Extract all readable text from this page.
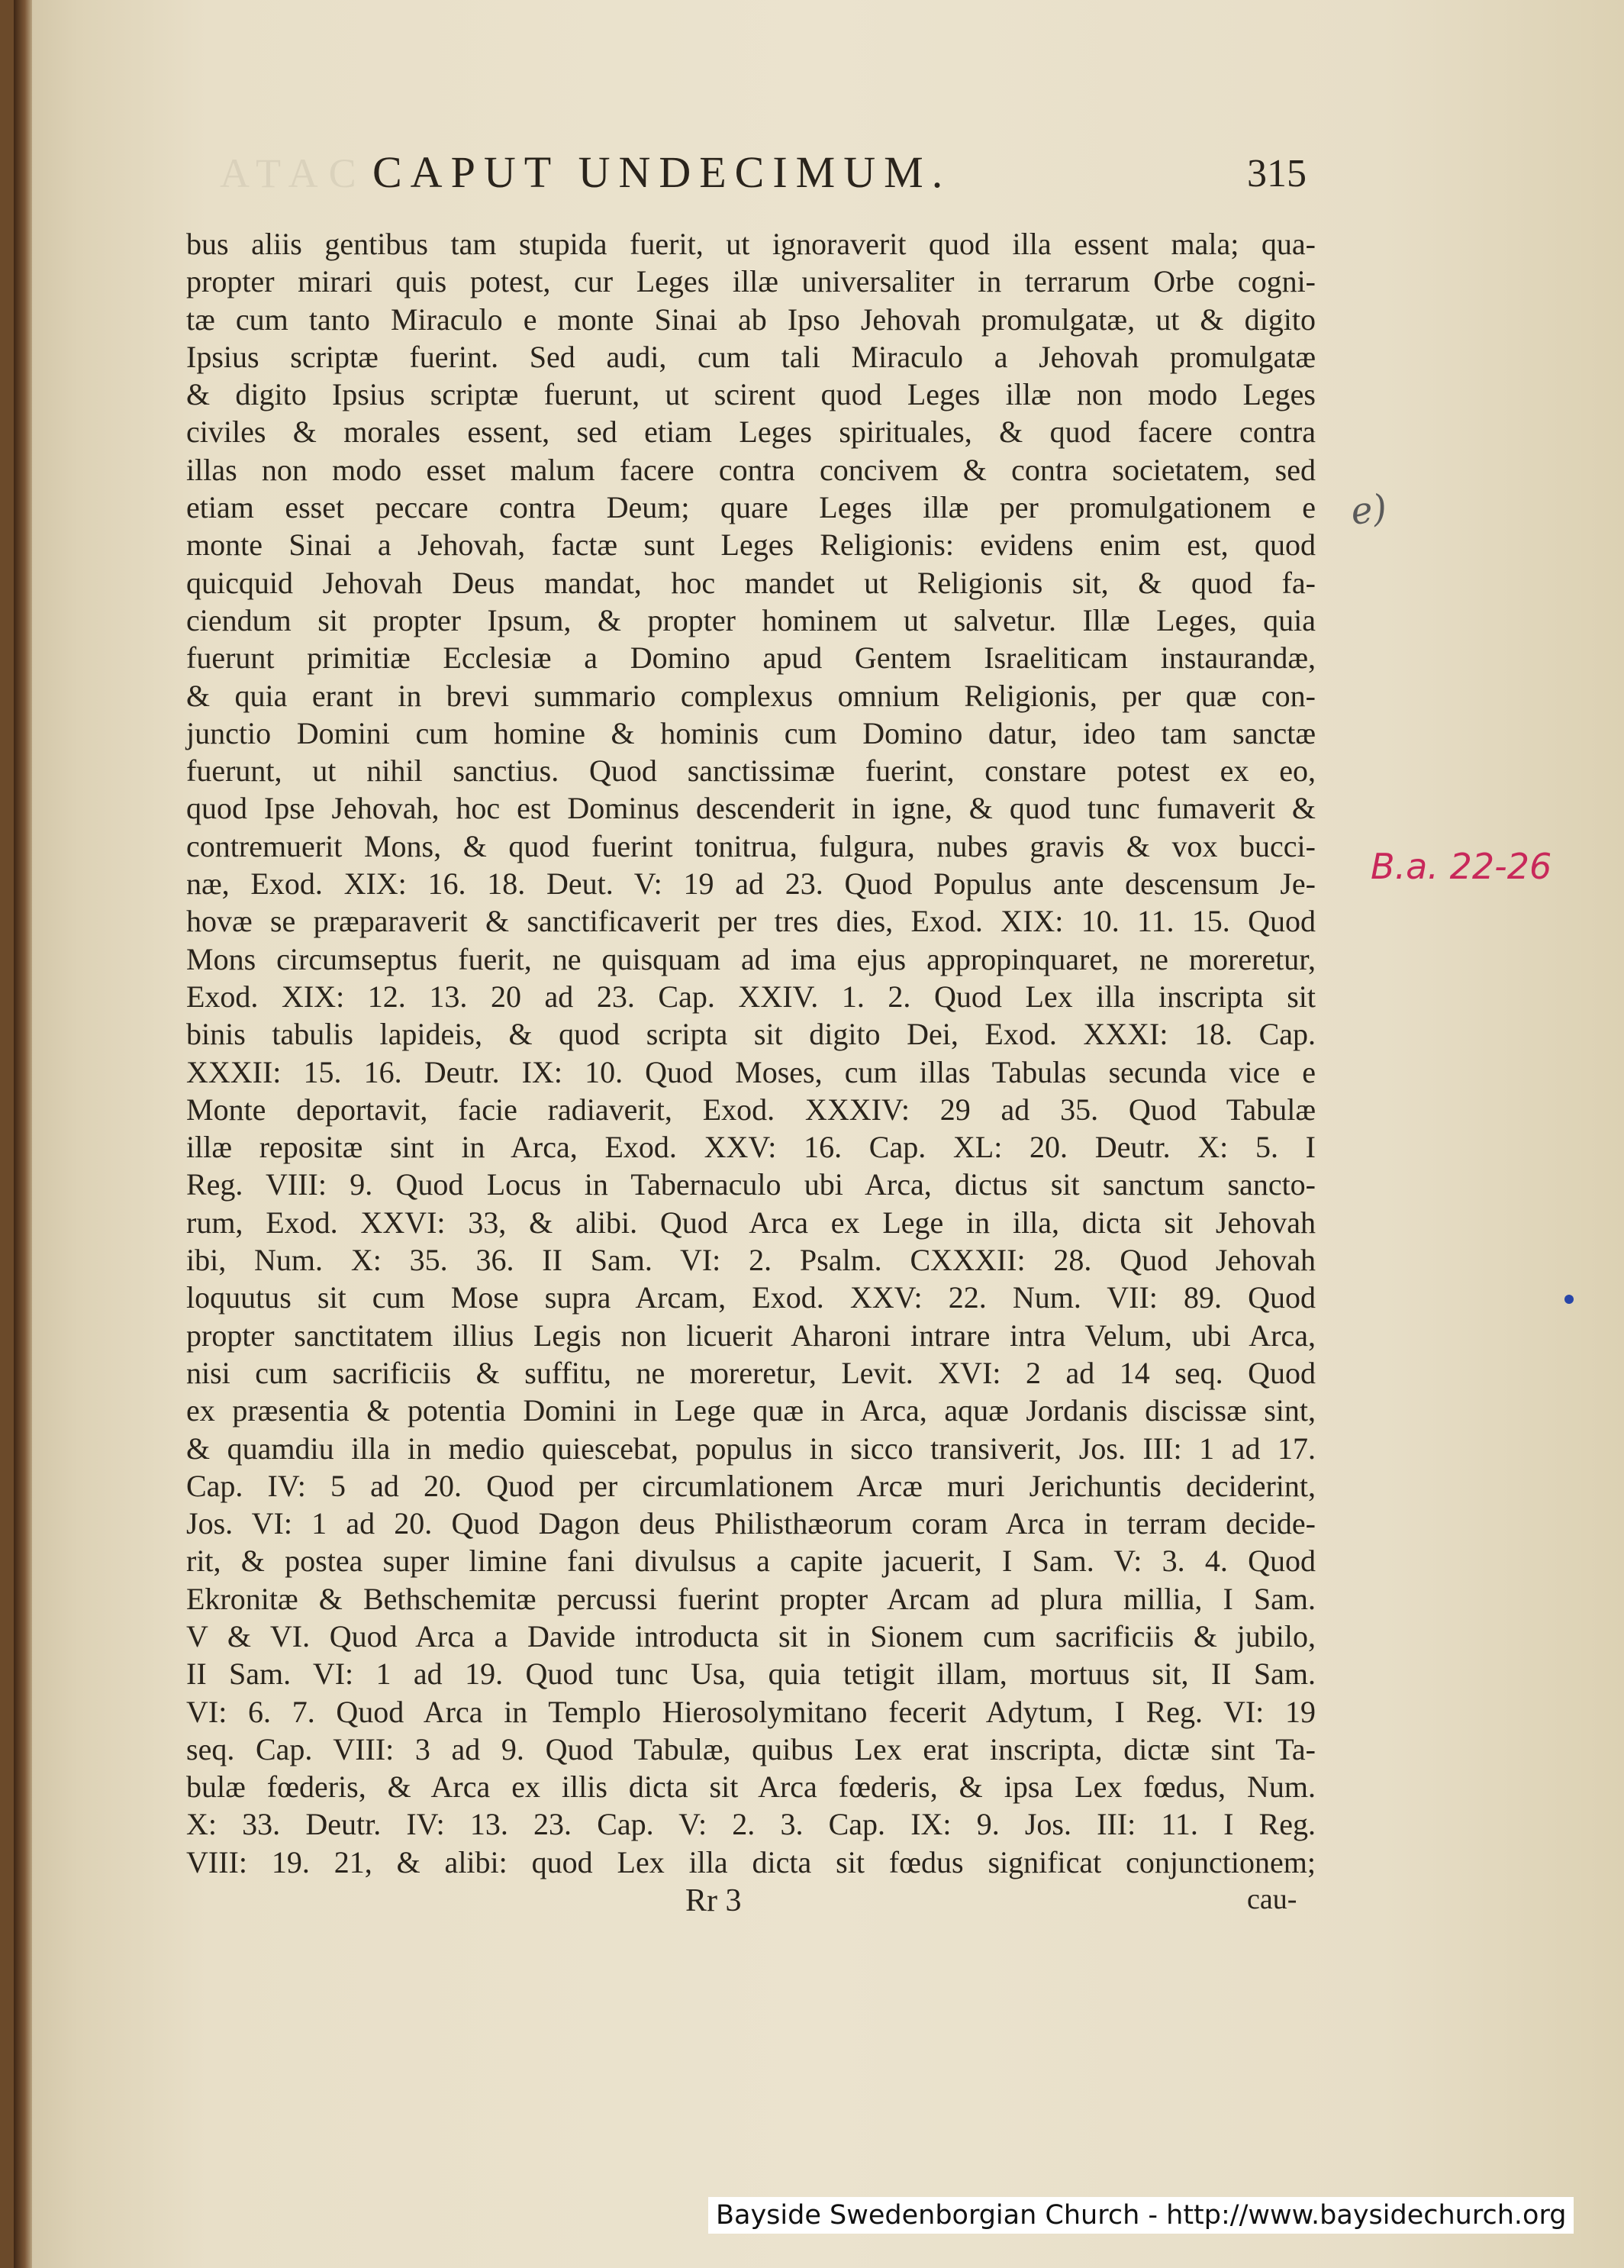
ATAC CAPUT UNDECIMUM.	315
bus aliis gentibus tam stupida fuerit, ut ignoraverit quod illa essent mala; qua-
propter mirari quis potest, cur Leges illæ universaliter in terrarum Orbe cogni-
tæ cum tanto Miraculo e monte Sinai ab Ipso Jehovah promulgatæ, ut & digito
Ipsius scriptæ fuerint. Sed audi, cum tali Miraculo a Jehovah promulgatæ
& digito Ipsius scriptæ fuerunt, ut scirent quod Leges illæ non modo Leges
civiles & morales essent, sed etiam Leges spirituales, & quod facere contra
illas non modo esset malum facere contra concivem & contra societatem, sed
etiam esset peccare contra Deum; quare Leges illæ per promulgationem e
monte Sinai a Jehovah, factæ sunt Leges Religionis: evidens enim est, quod
quicquid Jehovah Deus mandat, hoc mandet ut Religionis sit, & quod fa-
ciendum sit propter Ipsum, & propter hominem ut salvetur. Illæ Leges, quia
fuerunt primitiæ Ecclesiæ a Domino apud Gentem Israeliticam instaurandæ,
& quia erant in brevi summario complexus omnium Religionis, per quæ con-
junctio Domini cum homine & hominis cum Domino datur, ideo tam sanctæ
fuerunt, ut nihil sanctius. Quod sanctissimæ fuerint, constare potest ex eo,
quod Ipse Jehovah, hoc est Dominus descenderit in igne, & quod tunc fumaverit &
contremuerit Mons, & quod fuerint tonitrua, fulgura, nubes gravis & vox bucci-
næ, Exod. XIX: 16. 18. Deut. V: 19 ad 23. Quod Populus ante descensum Je-
hovæ se præparaverit & sanctificaverit per tres dies, Exod. XIX: 10. 11. 15. Quod
Mons circumseptus fuerit, ne quisquam ad ima ejus appropinquaret, ne moreretur,
Exod. XIX: 12. 13. 20 ad 23. Cap. XXIV. 1. 2. Quod Lex illa inscripta sit
binis tabulis lapideis, & quod scripta sit digito Dei, Exod. XXXI: 18. Cap.
XXXII: 15. 16. Deutr. IX: 10. Quod Moses, cum illas Tabulas secunda vice e
Monte deportavit, facie radiaverit, Exod. XXXIV: 29 ad 35. Quod Tabulæ
illæ repositæ sint in Arca, Exod. XXV: 16. Cap. XL: 20. Deutr. X: 5. I
Reg. VIII: 9. Quod Locus in Tabernaculo ubi Arca, dictus sit sanctum sancto-
rum, Exod. XXVI: 33, & alibi. Quod Arca ex Lege in illa, dicta sit Jehovah
ibi, Num. X: 35. 36. II Sam. VI: 2. Psalm. CXXXII: 28. Quod Jehovah
loquutus sit cum Mose supra Arcam, Exod. XXV: 22. Num. VII: 89. Quod
propter sanctitatem illius Legis non licuerit Aharoni intrare intra Velum, ubi Arca,
nisi cum sacrificiis & suffitu, ne moreretur, Levit. XVI: 2 ad 14 seq. Quod
ex præsentia & potentia Domini in Lege quæ in Arca, aquæ Jordanis discissæ sint,
& quamdiu illa in medio quiescebat, populus in sicco transiverit, Jos. III: 1 ad 17.
Cap. IV: 5 ad 20. Quod per circumlationem Arcæ muri Jerichuntis deciderint,
Jos. VI: 1 ad 20. Quod Dagon deus Philisthæorum coram Arca in terram decide-
rit, & postea super limine fani divulsus a capite jacuerit, I Sam. V: 3. 4. Quod
Ekronitæ & Bethschemitæ percussi fuerint propter Arcam ad plura millia, I Sam.
V & VI. Quod Arca a Davide introducta sit in Sionem cum sacrificiis & jubilo,
II Sam. VI: 1 ad 19. Quod tunc Usa, quia tetigit illam, mortuus sit, II Sam.
VI: 6. 7. Quod Arca in Templo Hierosolymitano fecerit Adytum, I Reg. VI: 19
seq. Cap. VIII: 3 ad 9. Quod Tabulæ, quibus Lex erat inscripta, dictæ sint Ta-
bulæ fœderis, & Arca ex illis dicta sit Arca fœderis, & ipsa Lex fœdus, Num.
X: 33. Deutr. IV: 13. 23. Cap. V: 2. 3. Cap. IX: 9. Jos. III: 11. I Reg.
VIII: 19. 21, & alibi: quod Lex illa dicta sit fœdus significat conjunctionem;
Rr 3	cau-
e)
B.a. 22-26
Bayside Swedenborgian Church - http://www.baysidechurch.org
